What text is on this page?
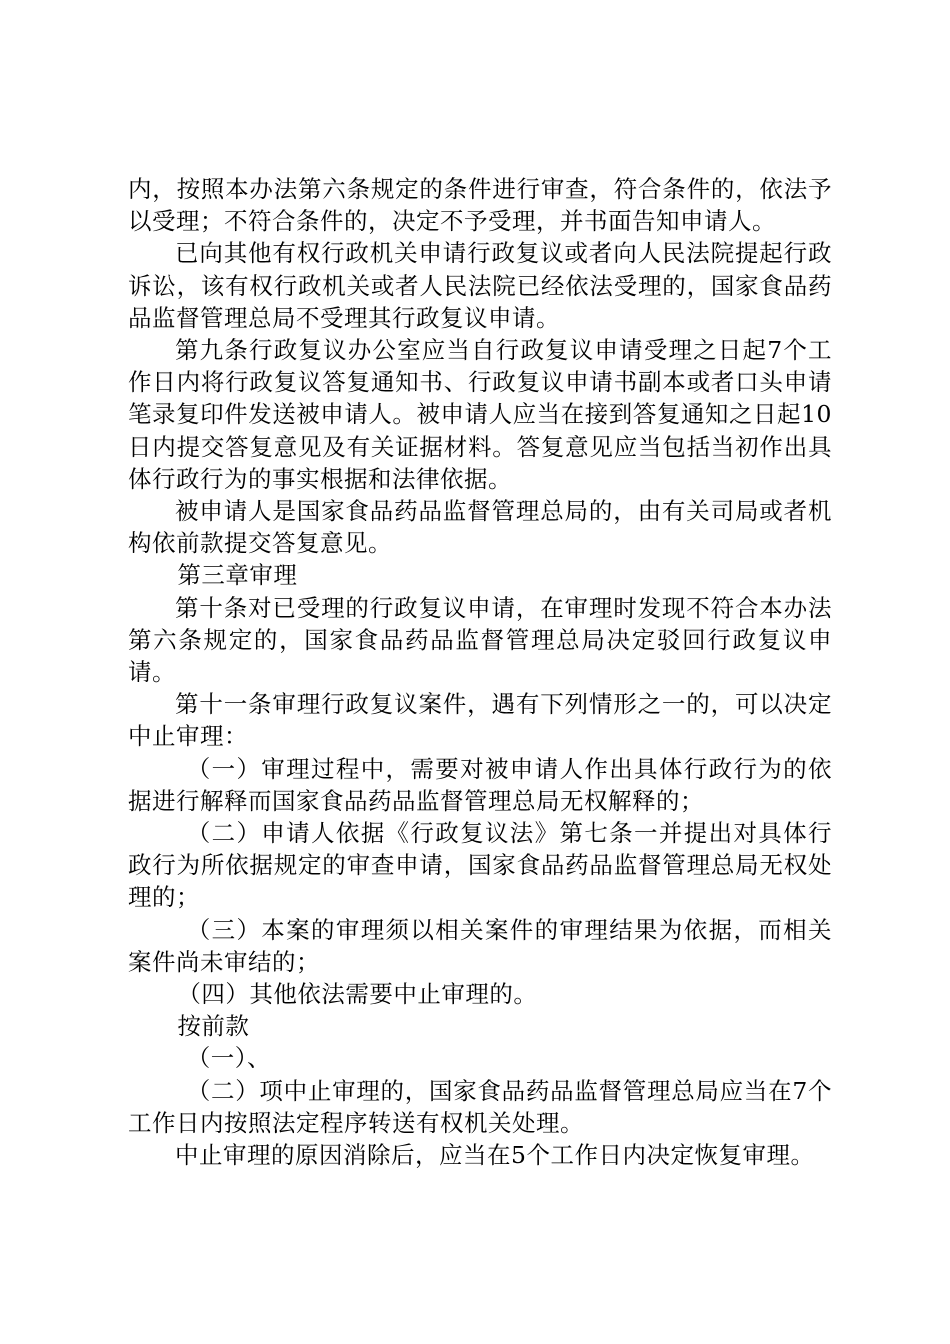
内，按照本办法第六条规定的条件进行审查，符合条件的，依法予以受理；不符合条件的，决定不予受理，并书面告知申请人。

已向其他有权行政机关申请行政复议或者向人民法院提起行政诉讼，该有权行政机关或者人民法院已经依法受理的，国家食品药品监督管理总局不受理其行政复议申请。

第九条行政复议办公室应当自行政复议申请受理之日起7个工作日内将行政复议答复通知书、行政复议申请书副本或者口头申请笔录复印件发送被申请人。被申请人应当在接到答复通知之日起10日内提交答复意见及有关证据材料。答复意见应当包括当初作出具体行政行为的事实根据和法律依据。

被申请人是国家食品药品监督管理总局的，由有关司局或者机构依前款提交答复意见。

第三章审理

第十条对已受理的行政复议申请，在审理时发现不符合本办法第六条规定的，国家食品药品监督管理总局决定驳回行政复议申请。

第十一条审理行政复议案件，遇有下列情形之一的，可以决定中止审理：

（一）审理过程中，需要对被申请人作出具体行政行为的依据进行解释而国家食品药品监督管理总局无权解释的；

（二）申请人依据《行政复议法》第七条一并提出对具体行政行为所依据规定的审查申请，国家食品药品监督管理总局无权处理的；

（三）本案的审理须以相关案件的审理结果为依据，而相关案件尚未审结的；

（四）其他依法需要中止审理的。

按前款

（一）、

（二）项中止审理的，国家食品药品监督管理总局应当在7个工作日内按照法定程序转送有权机关处理。

中止审理的原因消除后，应当在5个工作日内决定恢复审理。
